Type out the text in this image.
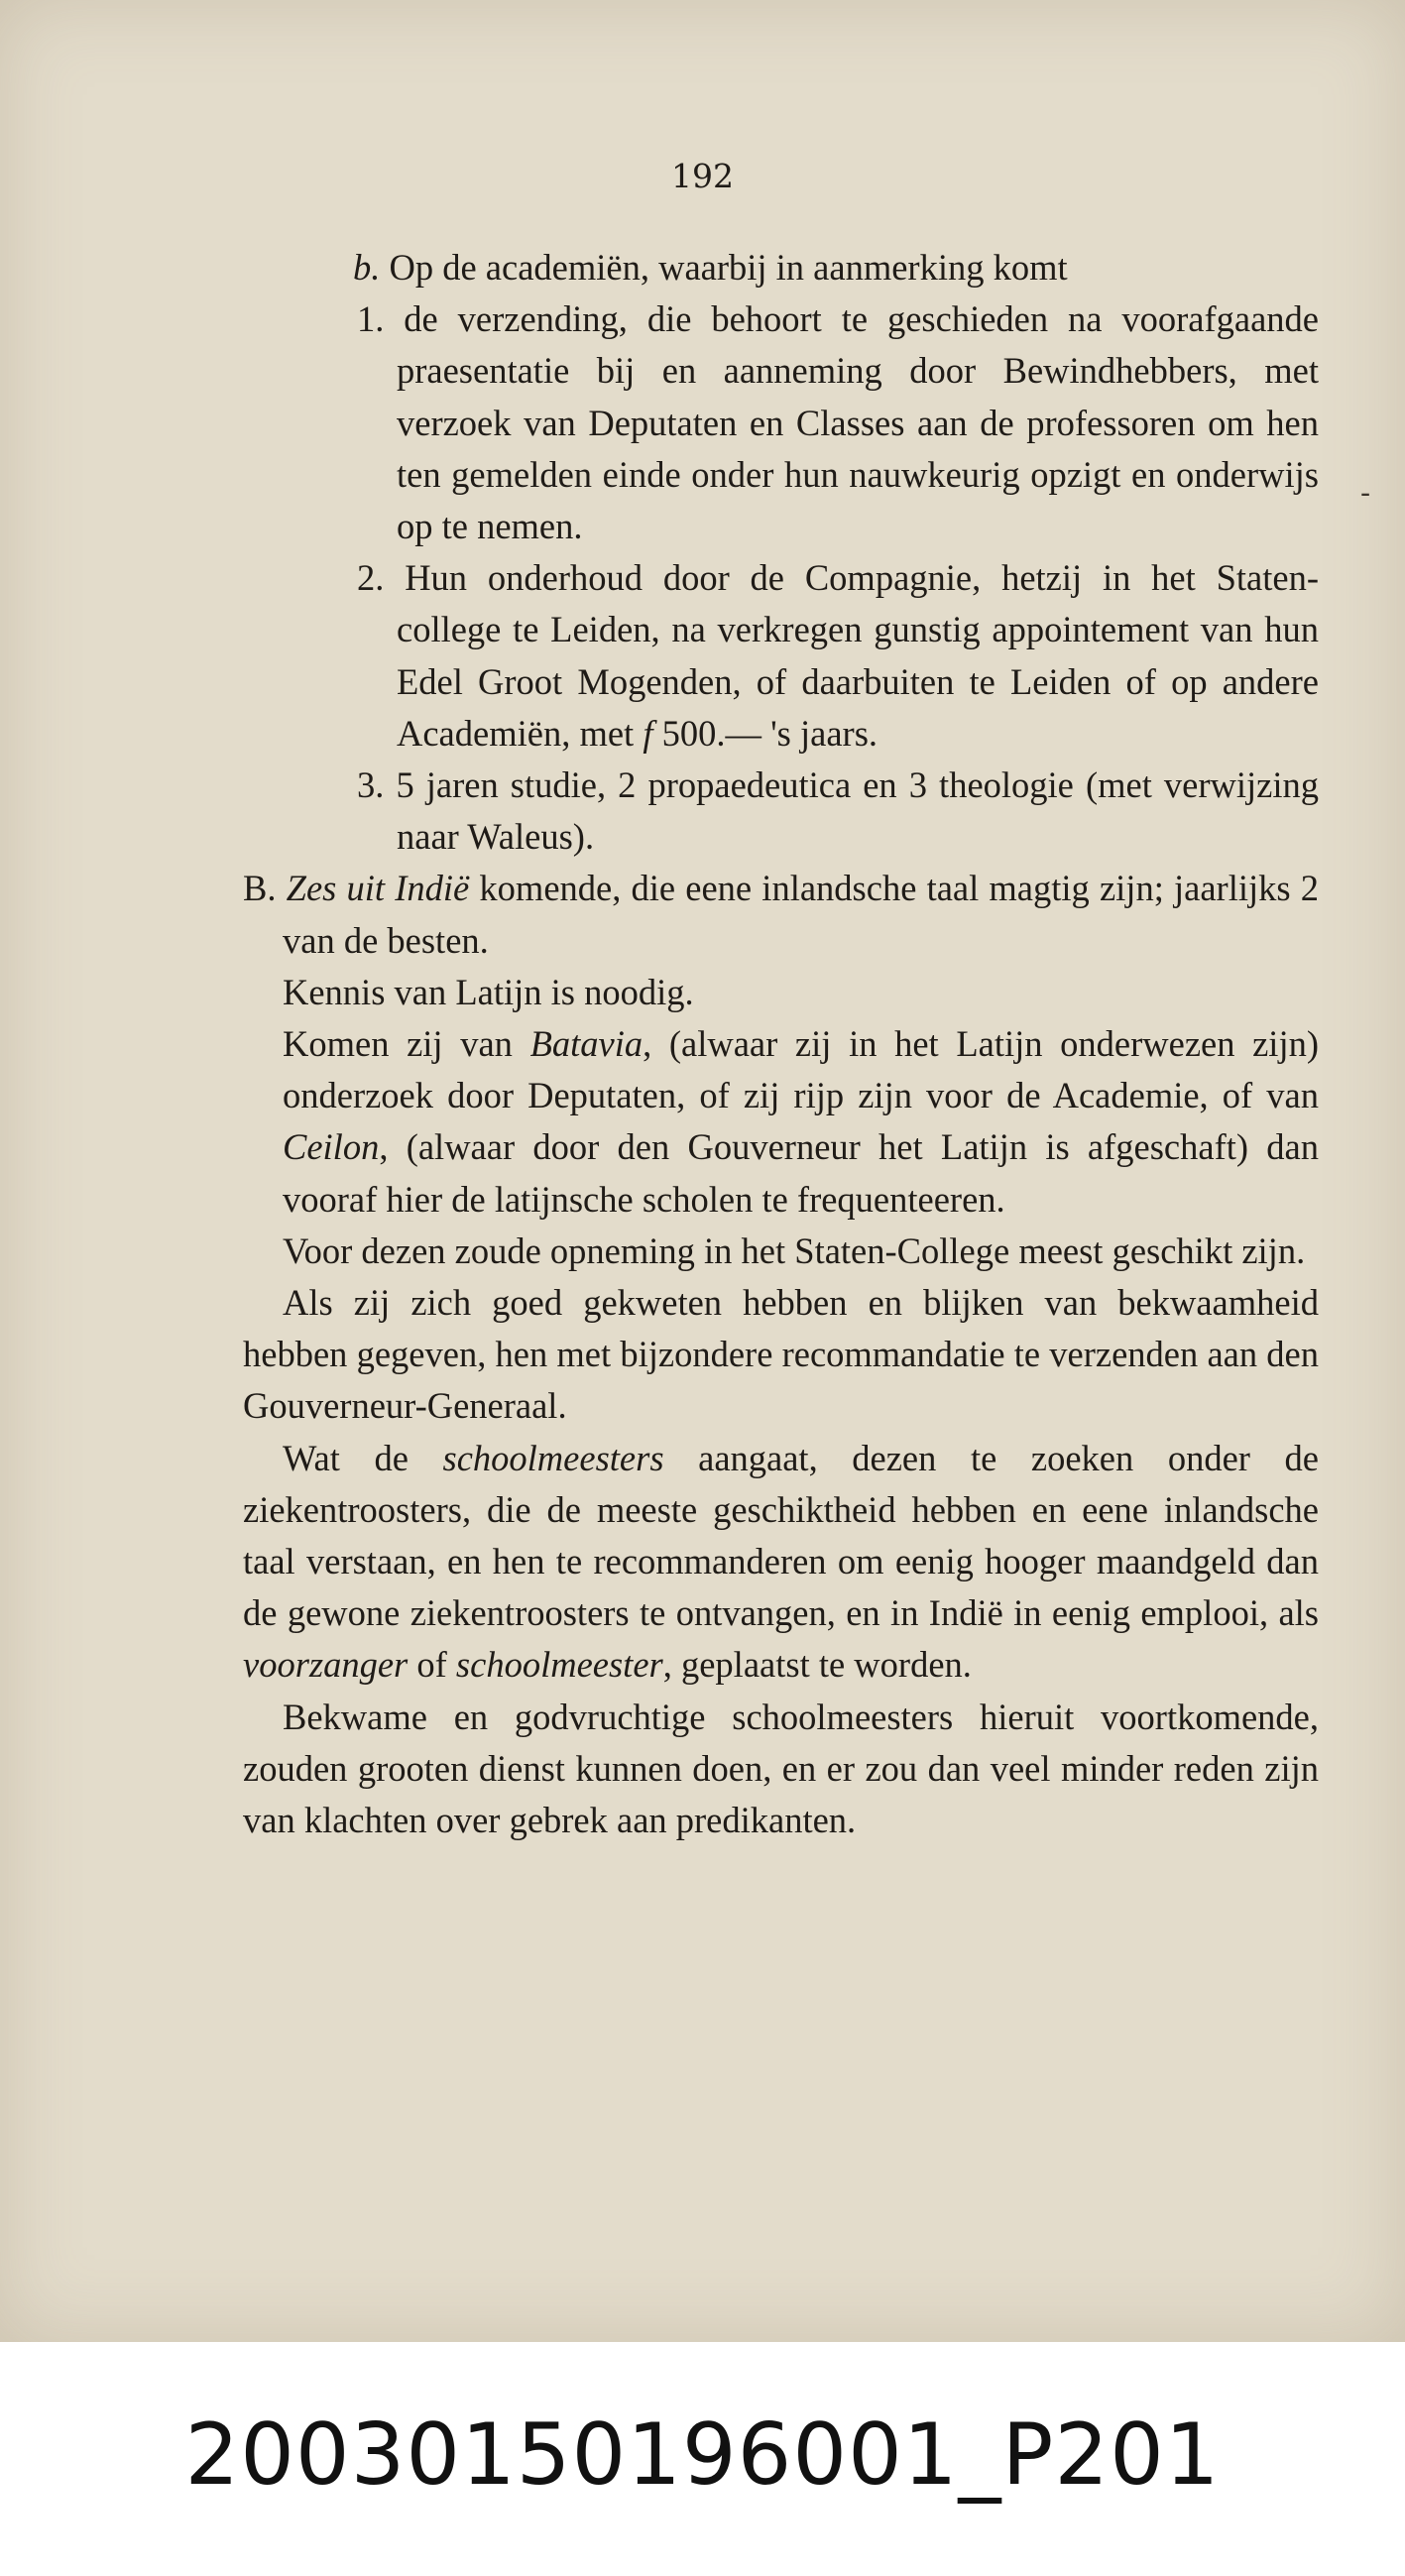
192

b. Op de academiën, waarbij in aanmerking komt

1. de verzending, die behoort te geschieden na voorafgaande praesentatie bij en aanneming door Bewindhebbers, met verzoek van Deputaten en Classes aan de professoren om hen ten gemelden einde onder hun nauwkeurig opzigt en onderwijs op te nemen.

2. Hun onderhoud door de Compagnie, hetzij in het Staten-college te Leiden, na verkregen gunstig appointement van hun Edel Groot Mogenden, of daarbuiten te Leiden of op andere Academiën, met f 500.— 's jaars.

3. 5 jaren studie, 2 propaedeutica en 3 theologie (met verwijzing naar Waleus).

B. Zes uit Indië komende, die eene inlandsche taal magtig zijn; jaarlijks 2 van de besten.

Kennis van Latijn is noodig.

Komen zij van Batavia, (alwaar zij in het Latijn onderwezen zijn) onderzoek door Deputaten, of zij rijp zijn voor de Academie, of van Ceilon, (alwaar door den Gouverneur het Latijn is afgeschaft) dan vooraf hier de latijnsche scholen te frequenteeren.

Voor dezen zoude opneming in het Staten-College meest geschikt zijn.

Als zij zich goed gekweten hebben en blijken van bekwaamheid hebben gegeven, hen met bijzondere recommandatie te verzenden aan den Gouverneur-Generaal.

Wat de schoolmeesters aangaat, dezen te zoeken onder de ziekentroosters, die de meeste geschiktheid hebben en eene inlandsche taal verstaan, en hen te recommanderen om eenig hooger maandgeld dan de gewone ziekentroosters te ontvangen, en in Indië in eenig emplooi, als voorzanger of schoolmeester, geplaatst te worden.

Bekwame en godvruchtige schoolmeesters hieruit voortkomende, zouden grooten dienst kunnen doen, en er zou dan veel minder reden zijn van klachten over gebrek aan predikanten.

-

20030150196001_P201
